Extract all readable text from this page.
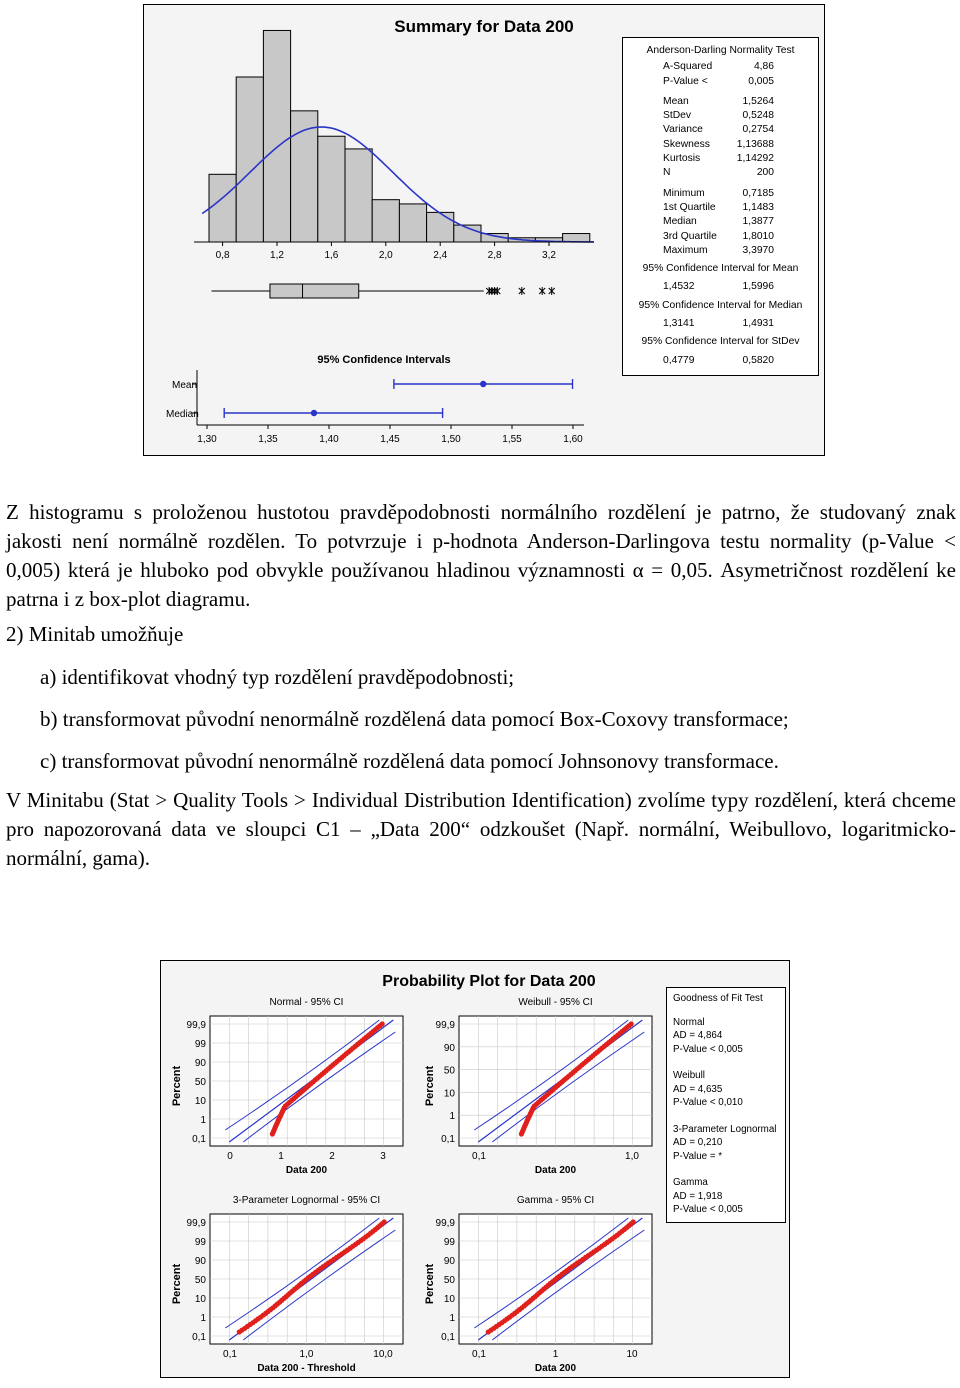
Summary for Data 200
0,8	1,2	1,6	2,0	2,4	2,8	3,2
95% Confidence Intervals
Mean
Median
1,30	1,35	1,40	1,45	1,50	1,55	1,60
Anderson-Darling Normality Test
A-Squared	4,86
P-Value <	0,005
Mean	1,5264
StDev	0,5248
Variance	0,2754
Skewness	1,13688
Kurtosis	1,14292
N	200
Minimum	0,7185
1st Quartile	1,1483
Median	1,3877
3rd Quartile 1,8010
Maximum	3,3970
95% Confidence Interval for Mean
1,4532	1,5996
95% Confidence Interval for Median
1,3141	1,4931
95% Confidence Interval for StDev
0,4779	0,5820

Z histogramu s proloženou hustotou pravděpodobnosti normálního rozdělení je patrno, že studovaný znak jakosti není normálně rozdělen. To potvrzuje i p-hodnota Anderson-Darlingova testu normality (p-Value < 0,005) která je hluboko pod obvykle používanou hladinou významnosti α = 0,05. Asymetričnost rozdělení ke patrna i z box-plot diagramu.

2) Minitab umožňuje

a) identifikovat vhodný typ rozdělení pravděpodobnosti;

b) transformovat původní nenormálně rozdělená data pomocí Box-Coxovy transformace;

c) transformovat původní nenormálně rozdělená data pomocí Johnsonovy transformace.

V Minitabu (Stat > Quality Tools > Individual Distribution Identification) zvolíme typy rozdělení, která chceme pro napozorovaná data ve sloupci C1 – „Data 200“ odzkoušet (Např. normální, Weibullovo, logaritmicko-normální, gama).

Probability Plot for Data 200
Percent	Percent
Percent	Percent
Normal - 95% CI
99,9
99
90
50
10
1
0,1
0	1	2	3
Data 200
Weibull - 95% CI
99,9
90
50
10
1
0,1
0,1	1,0
Data 200
3-Parameter Lognormal - 95% CI
99,9
99
90
50
10
1
0,1
0,1	1,0	10,0
Data 200 - Threshold
Gamma - 95% CI
99,9
99
90
50
10
1
0,1
0,1	1	10
Data 200
Goodness of Fit Test
Normal
AD = 4,864
P-Value < 0,005
Weibull
AD = 4,635
P-Value < 0,010
3-Parameter Lognormal
AD = 0,210
P-Value = *
Gamma
AD = 1,918
P-Value < 0,005
